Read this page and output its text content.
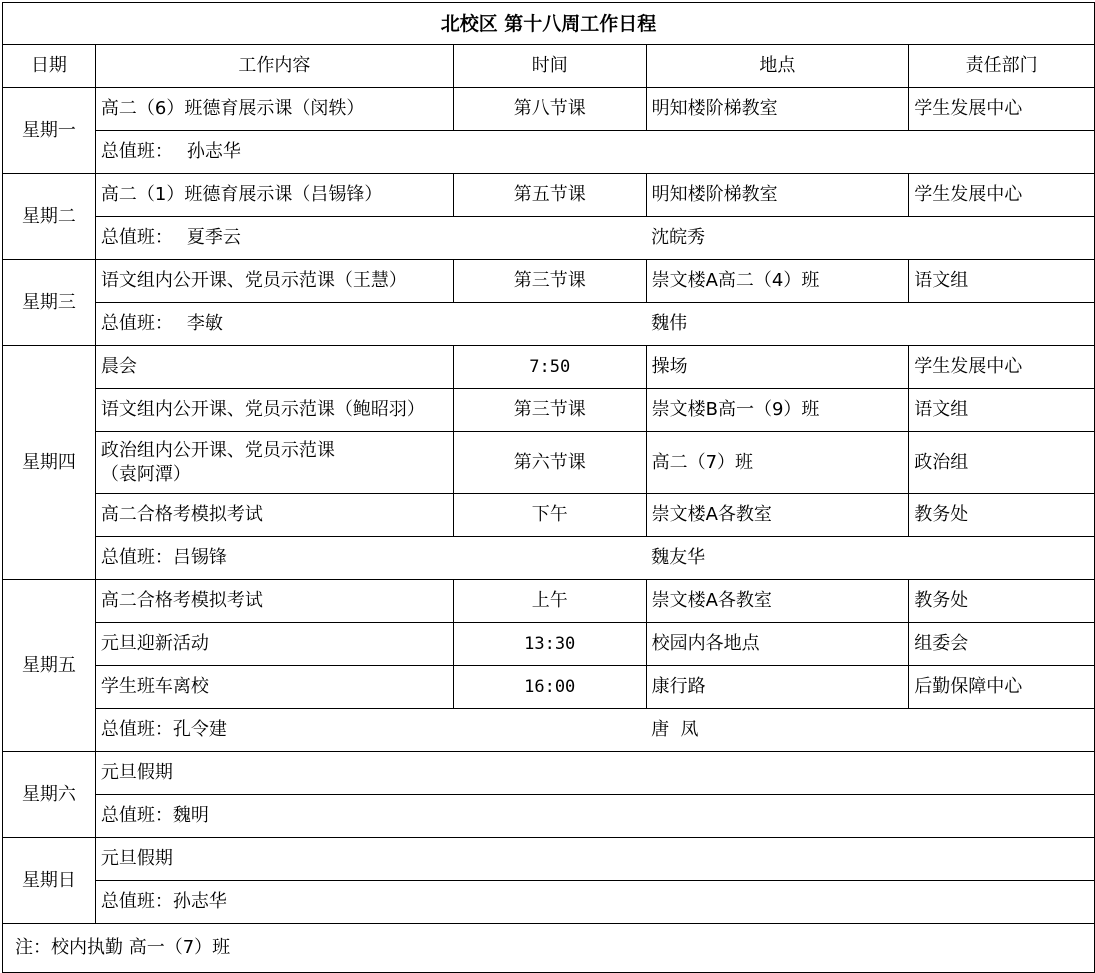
北校区 第十八周工作日程				
日期	工作内容	时间	地点	责任部门
星期一	高二（6）班德育展示课（闵轶）	第八节课	明知楼阶梯教室	学生发展中心
	总值班： 孙志华			
星期二	高二（1）班德育展示课（吕锡锋）	第五节课	明知楼阶梯教室	学生发展中心
	总值班： 夏季云		沈皖秀	
星期三	语文组内公开课、党员示范课（王慧）	第三节课	崇文楼A高二（4）班	语文组
	总值班： 李敏		魏伟	
星期四	晨会	7:50	操场	学生发展中心
	语文组内公开课、党员示范课（鲍昭羽）	第三节课	崇文楼B高一（9）班	语文组

	政治组内公开课、党员示范课
（袁阿潭）	第六节课	高二（7）班	政治组
	高二合格考模拟考试	下午	崇文楼A各教室	教务处
	总值班：吕锡锋		魏友华	
星期五	高二合格考模拟考试	上午	崇文楼A各教室	教务处
	元旦迎新活动	13:30	校园内各地点	组委会
	学生班车离校	16:00	康行路	后勤保障中心
	总值班：孔令建		唐  凤	
星期六	元旦假期			
	总值班：魏明			
星期日	元旦假期			
	总值班：孙志华			
注：校内执勤 高一（7）班				
